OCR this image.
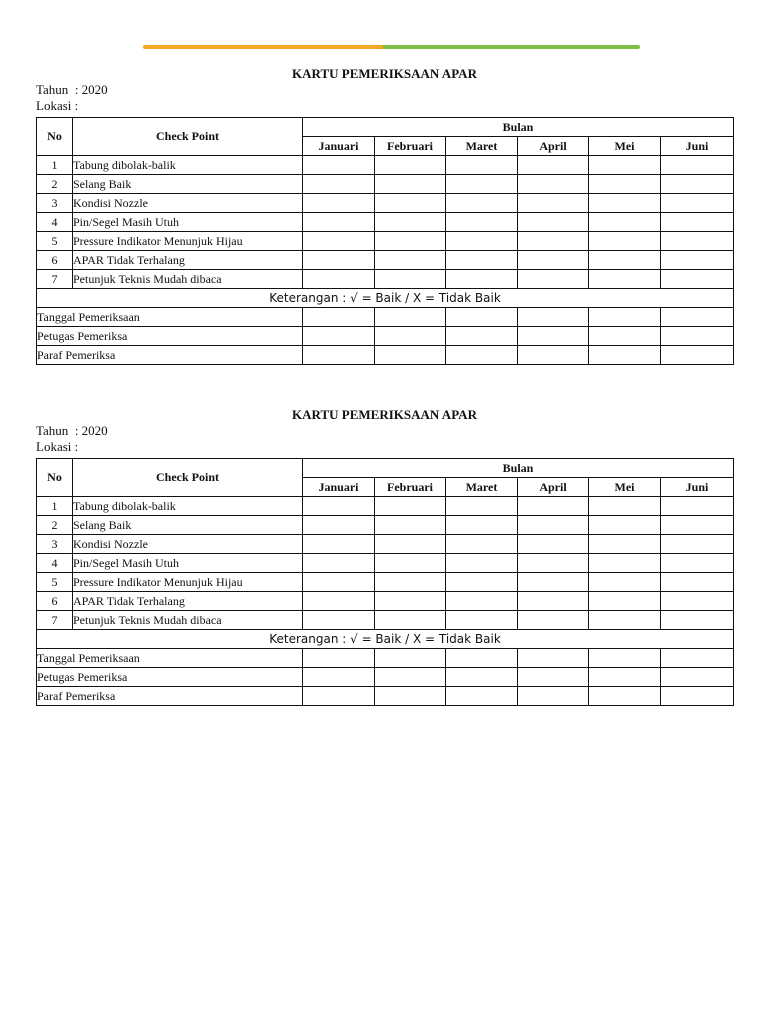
KARTU PEMERIKSAAN APAR
Tahun : 2020
Lokasi :
No	Check Point	Bulan					
		Januari	Februari	Maret	April	Mei	Juni
1	Tabung dibolak-balik						
2	Selang Baik						
3	Kondisi Nozzle						
4	Pin/Segel Masih Utuh						
5	Pressure Indikator Menunjuk Hijau						
6	APAR Tidak Terhalang						
7	Petunjuk Teknis Mudah dibaca						
Keterangan : √ = Baik / X = Tidak Baik							
Tanggal Pemeriksaan							
Petugas Pemeriksa							
Paraf Pemeriksa							
KARTU PEMERIKSAAN APAR
Tahun : 2020
Lokasi :
No	Check Point	Bulan					
		Januari	Februari	Maret	April	Mei	Juni
1	Tabung dibolak-balik						
2	Selang Baik						
3	Kondisi Nozzle						
4	Pin/Segel Masih Utuh						
5	Pressure Indikator Menunjuk Hijau						
6	APAR Tidak Terhalang						
7	Petunjuk Teknis Mudah dibaca						
Keterangan : √ = Baik / X = Tidak Baik							
Tanggal Pemeriksaan							
Petugas Pemeriksa							
Paraf Pemeriksa							
